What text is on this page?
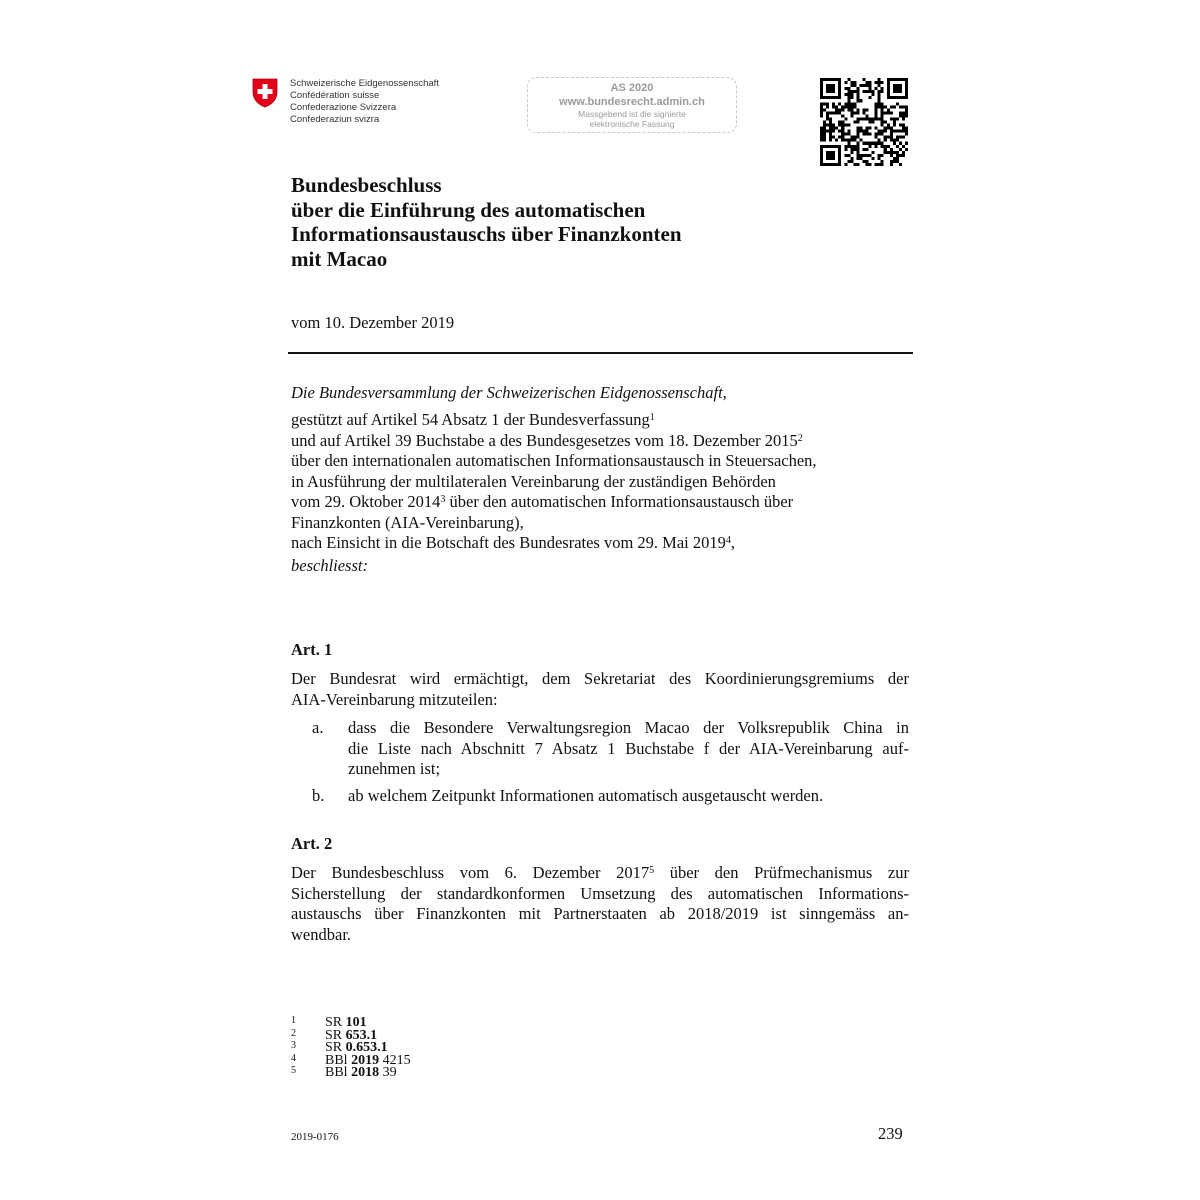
Schweizerische Eidgenossenschaft
Confédération suisse
Confederazione Svizzera
Confederaziun svizra
AS 2020
www.bundesrecht.admin.ch
Massgebend ist die signierte
elektronische Fassung
Bundesbeschluss
über die Einführung des automatischen
Informationsaustauschs über Finanzkonten
mit Macao
vom 10. Dezember 2019
Die Bundesversammlung der Schweizerischen Eidgenossenschaft,
gestützt auf Artikel 54 Absatz 1 der Bundesverfassung$^1$
und auf Artikel 39 Buchstabe a des Bundesgesetzes vom 18. Dezember 2015$^2$
über den internationalen automatischen Informationsaustausch in Steuersachen,
in Ausführung der multilateralen Vereinbarung der zuständigen Behörden
vom 29. Oktober 2014$^3$ über den automatischen Informationsaustausch über
Finanzkonten (AIA-Vereinbarung),
nach Einsicht in die Botschaft des Bundesrates vom 29. Mai 2019$^4$,
beschliesst:
Art. 1
Der Bundesrat wird ermächtigt, dem Sekretariat des Koordinierungsgremiums der
AIA-Vereinbarung mitzuteilen:
a. dass die Besondere Verwaltungsregion Macao der Volksrepublik China in
die Liste nach Abschnitt 7 Absatz 1 Buchstabe f der AIA-Vereinbarung auf-
zunehmen ist;
b. ab welchem Zeitpunkt Informationen automatisch ausgetauscht werden.
Art. 2
Der Bundesbeschluss vom 6. Dezember 2017$^5$ über den Prüfmechanismus zur
Sicherstellung der standardkonformen Umsetzung des automatischen Informations-
austauschs über Finanzkonten mit Partnerstaaten ab 2018/2019 ist sinngemäss an-
wendbar.
1 SR 101
2 SR 653.1
3 SR 0.653.1
4 BBl 2019 4215
5 BBl 2018 39
2019-0176	239
